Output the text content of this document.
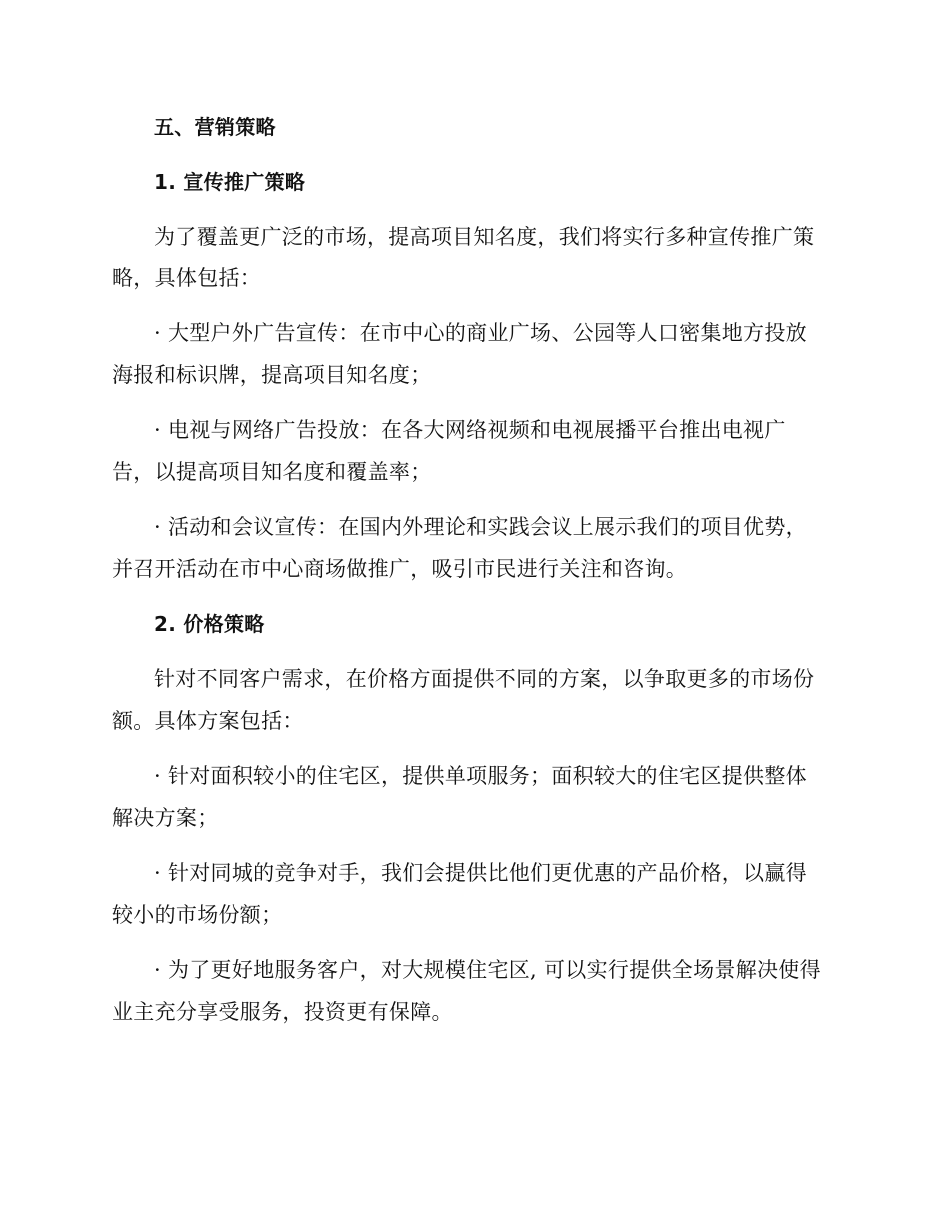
五、营销策略
1. 宣传推广策略
为了覆盖更广泛的市场，提高项目知名度，我们将实行多种宣传推广策
略，具体包括：
· 大型户外广告宣传：在市中心的商业广场、公园等人口密集地方投放
海报和标识牌，提高项目知名度；
· 电视与网络广告投放：在各大网络视频和电视展播平台推出电视广
告，以提高项目知名度和覆盖率；
· 活动和会议宣传：在国内外理论和实践会议上展示我们的项目优势，
并召开活动在市中心商场做推广，吸引市民进行关注和咨询。
2. 价格策略
针对不同客户需求，在价格方面提供不同的方案，以争取更多的市场份
额。具体方案包括：
· 针对面积较小的住宅区，提供单项服务；面积较大的住宅区提供整体
解决方案；
· 针对同城的竞争对手，我们会提供比他们更优惠的产品价格，以赢得
较小的市场份额；
· 为了更好地服务客户，对大规模住宅区, 可以实行提供全场景解决使得
业主充分享受服务，投资更有保障。
